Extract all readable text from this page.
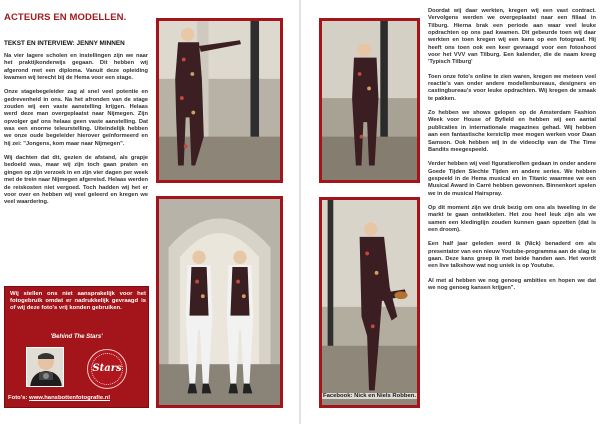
ACTEURS EN MODELLEN.
TEKST EN INTERVIEW: JENNY MINNEN

Na vier lagere scholen en instellingen zijn we naar het praktijkonderwijs gegaan. Dit hebben wij afgerond met een diploma. Vanuit deze opleiding kwamen wij terecht bij de Hema voor een stage.

Onze stagebegeleider zag al snel veel potentie en gedrevenheid in ons. Na het afronden van de stage zouden wij een vaste aanstelling krijgen. Helaas werd deze man overgeplaatst naar Nijmegen. Zijn opvolger gaf ons helaas geen vaste aanstelling. Dat was een enorme teleurstelling. Uiteindelijk hebben we onze oude begeleider hierover geïnformeerd en hij zei: "Jongens, kom maar naar Nijmegen".

Wij dachten dat dit, gezien de afstand, als grapje bedoeld was, maar wij zijn toch gaan praten en gingen op zijn verzoek in en zijn vier dagen per week met de trein naar Nijmegen afgereisd. Helaas werden de reiskosten niet vergoed. Toch hadden wij het er voor over en hebben wij veel geleerd en kregen we veel waardering.

Wij stellen ons niet aansprakelijk voor het fotogebruik omdat er nadrukkelijk gevraagd is of wij deze foto's vrij konden gebruiken.
'Behind The Stars'
Stars
Foto's: www.hansbottenfotografie.nl

Doordat wij daar werkten, kregen wij een vast contract. Vervolgens werden we overgeplaatst naar een filiaal in Tilburg. Hierna brak een periode aan waar veel leuke opdrachten op ons pad kwamen. Dit gebeurde toen wij daar werkten en toen kregen wij een kans op een fotograaf. Hij heeft ons toen ook een keer gevraagd voor een fotoshoot voor het VVV van Tilburg. Een kalender, die de naam kreeg 'Typisch Tilburg'

Toen onze foto's online te zien waren, kregen we meteen veel reactie's van onder andere modellenbureaus, designers en castingbureau's voor leuke opdrachten. Wij kregen de smaak te pakken.

Zo hebben we shows gelopen op de Amsterdam Fashion Week voor House of Byfield en hebben wij een aantal publicaties in internationale magazines gehad. Wij hebben aan een fantastische kerstclip mee mogen werken voor Daan Samson. Ook hebben wij in de videoclip van de The Time Bandits meegespeeld.

Verder hebben wij veel figuratierollen gedaan in onder andere Goede Tijden Slechte Tijden en andere series. We hebben gespeeld in de Hema musical en in Titanic waarmee we een Musical Award in Carré hebben gewonnen. Binnenkort spelen we in de musical Hairspray.

Op dit moment zijn we druk bezig om ons als tweeling in de markt te gaan ontwikkelen. Het zou heel leuk zijn als we samen een kledinglijn zouden kunnen gaan opzetten (dat is een droom).

Een half jaar geleden werd ik (Nick) benaderd om als presentator van een nieuw Youtube-programma aan de slag te gaan. Deze kans greep ik met beide handen aan. Het wordt een live talkshow wat nog uniek is op Youtube.

Al met al hebben we nog genoeg ambities en hopen we dat we nog genoeg kansen krijgen".

Facebook: Nick en Niels Robben.
